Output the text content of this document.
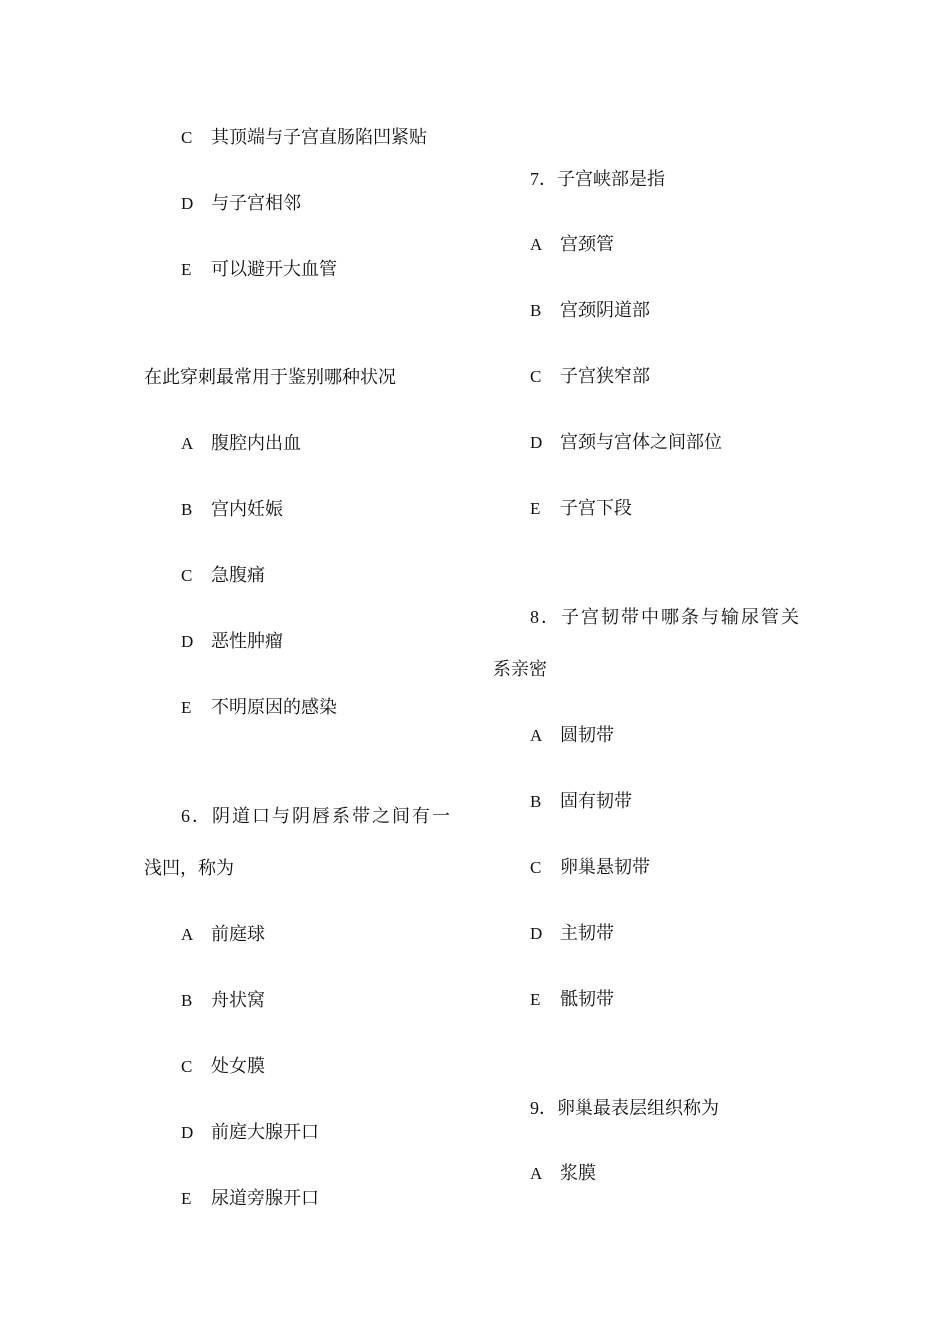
C 其顶端与子宫直肠陷凹紧贴
D 与子宫相邻
E 可以避开大血管
在此穿刺最常用于鉴别哪种状况
A 腹腔内出血
B 宫内妊娠
C 急腹痛
D 恶性肿瘤
E 不明原因的感染
6．阴道口与阴唇系带之间有一
浅凹，称为
A 前庭球
B 舟状窝
C 处女膜
D 前庭大腺开口
E 尿道旁腺开口
7．子宫峡部是指
A 宫颈管
B 宫颈阴道部
C 子宫狭窄部
D 宫颈与宫体之间部位
E 子宫下段
8．子宫韧带中哪条与输尿管关
系亲密
A 圆韧带
B 固有韧带
C 卵巢悬韧带
D 主韧带
E 骶韧带
9．卵巢最表层组织称为
A 浆膜
